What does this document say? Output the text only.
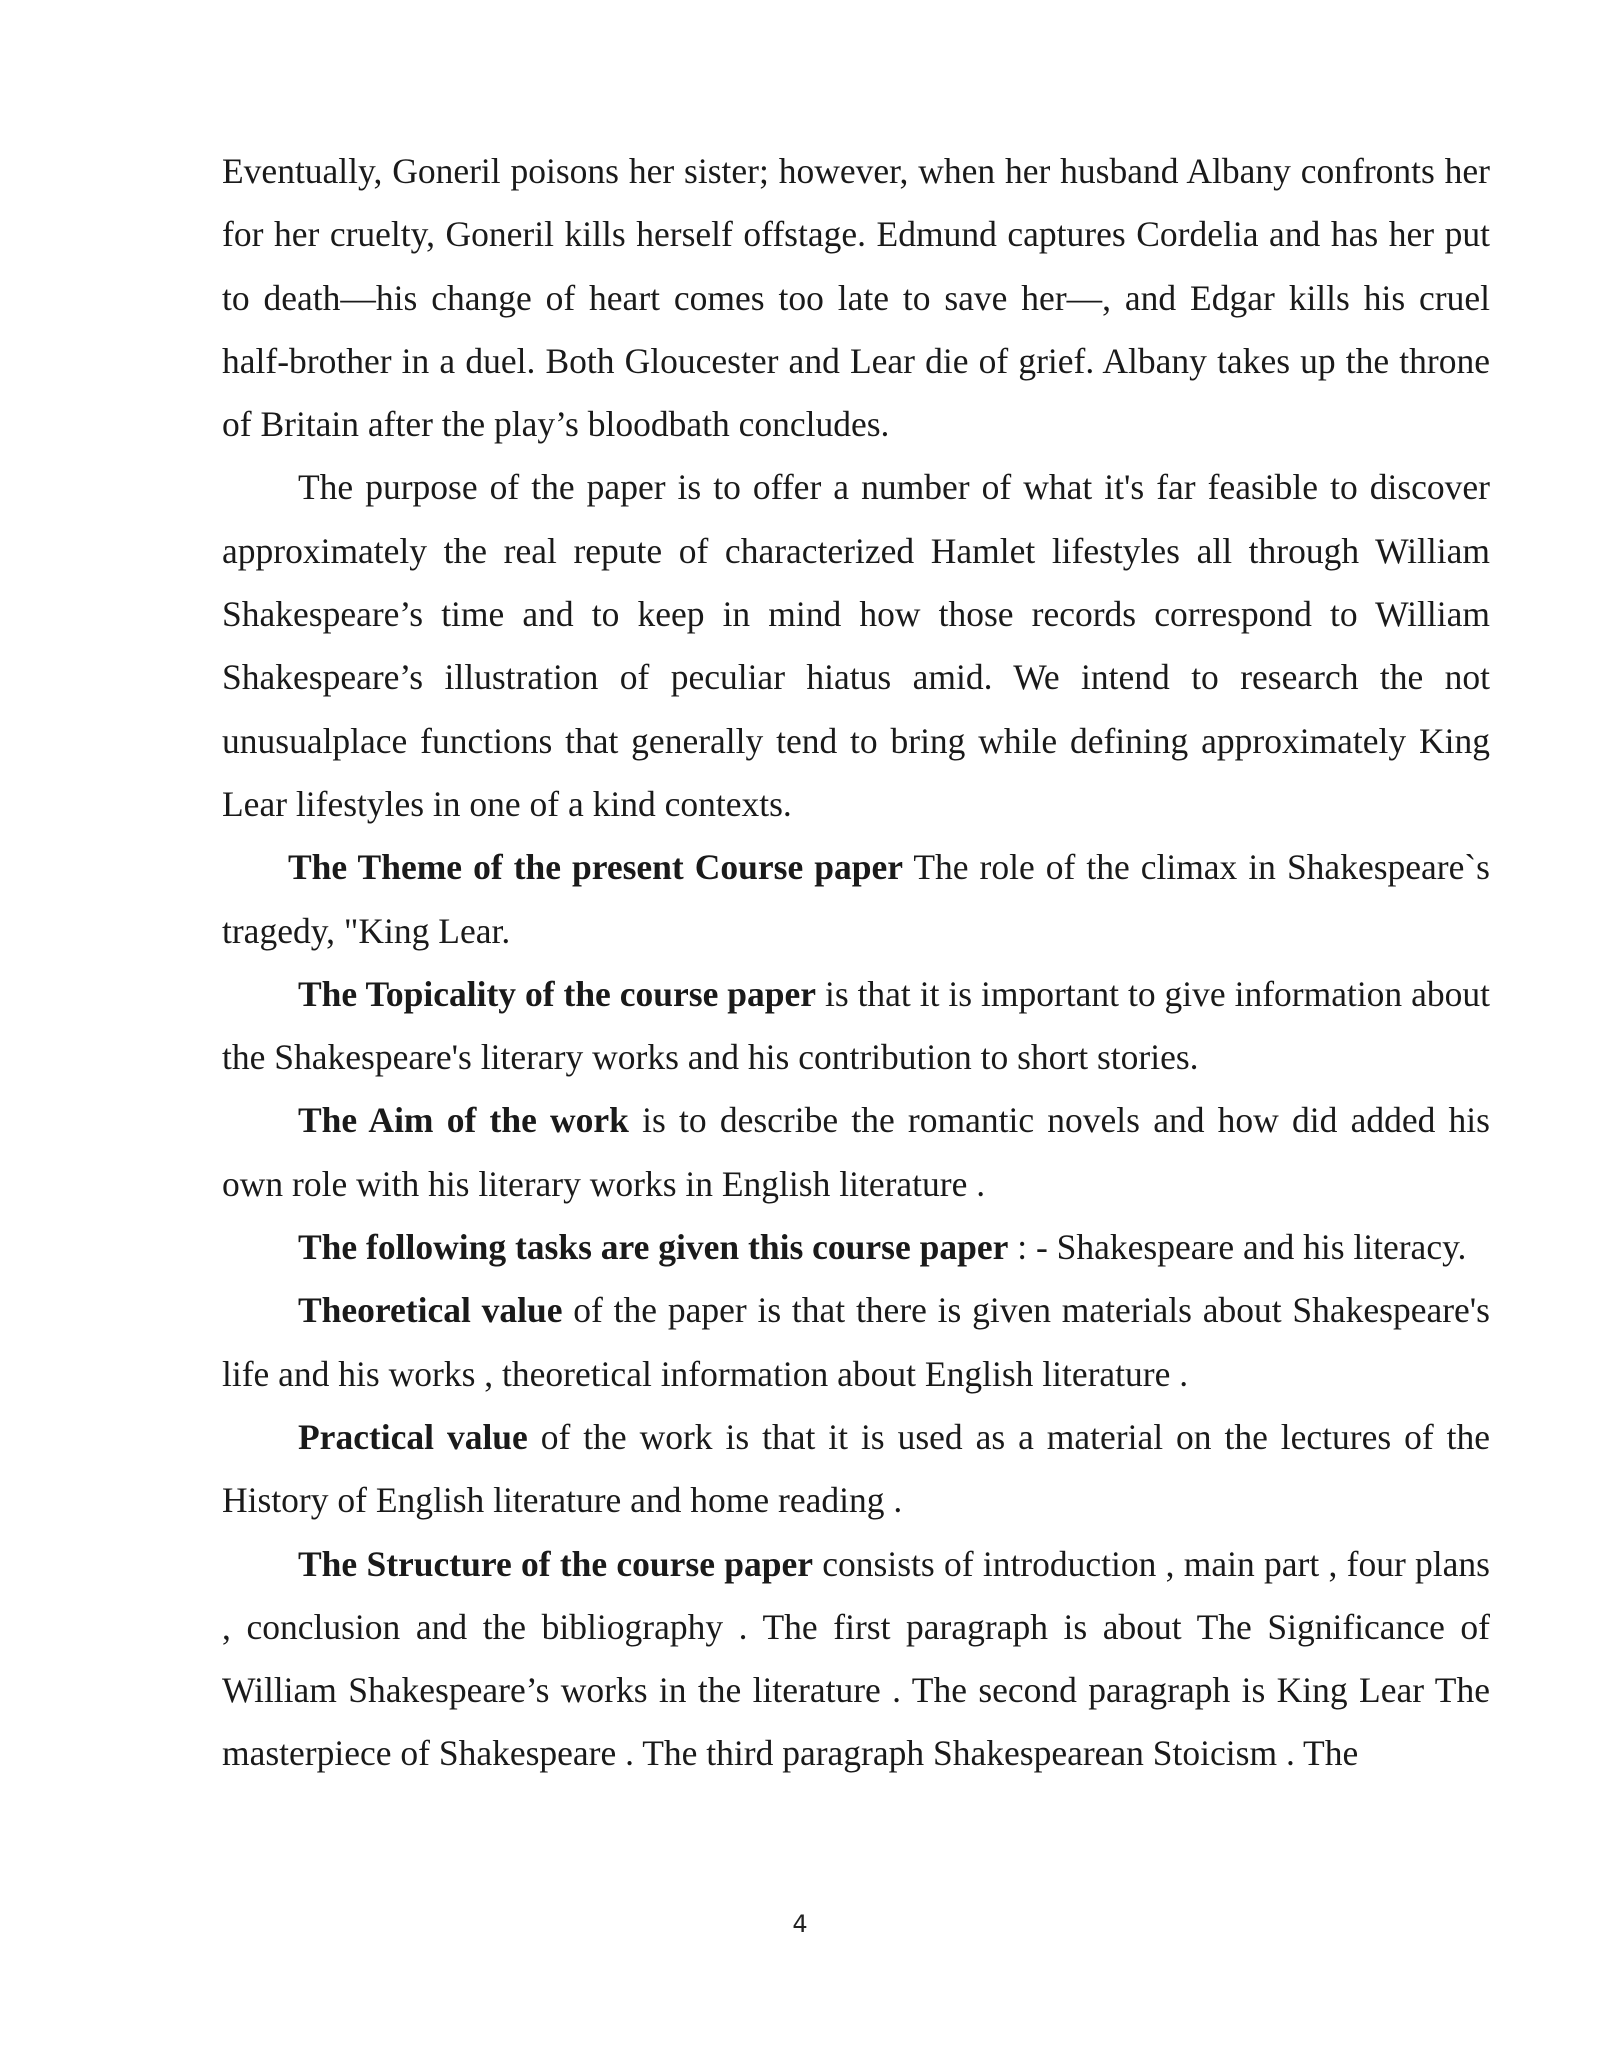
Eventually, Goneril poisons her sister; however, when her husband Albany confronts her for her cruelty, Goneril kills herself offstage. Edmund captures Cordelia and has her put to death—his change of heart comes too late to save her—, and Edgar kills his cruel half-brother in a duel. Both Gloucester and Lear die of grief. Albany takes up the throne of Britain after the play’s bloodbath concludes.

The purpose of the paper is to offer a number of what it's far feasible to discover approximately the real repute of characterized Hamlet lifestyles all through William Shakespeare’s time and to keep in mind how those records correspond to William Shakespeare’s illustration of peculiar hiatus amid. We intend to research the not unusualplace functions that generally tend to bring while defining approximately King Lear lifestyles in one of a kind contexts.

The Theme of the present Course paper The role of the climax in Shakespeare`s tragedy, "King Lear.

The Topicality of the course paper is that it is important to give information about the Shakespeare's literary works and his contribution to short stories.

The Aim of the work is to describe the romantic novels and how did added his own role with his literary works in English literature .

The following tasks are given this course paper : - Shakespeare and his literacy.

Theoretical value of the paper is that there is given materials about Shakespeare's life and his works , theoretical information about English literature .

Practical value of the work is that it is used as a material on the lectures of the History of English literature and home reading .

The Structure of the course paper consists of introduction , main part , four plans , conclusion and the bibliography . The first paragraph is about The Significance of William Shakespeare’s works in the literature . The second paragraph is King Lear The masterpiece of Shakespeare . The third paragraph Shakespearean Stoicism . The

4
